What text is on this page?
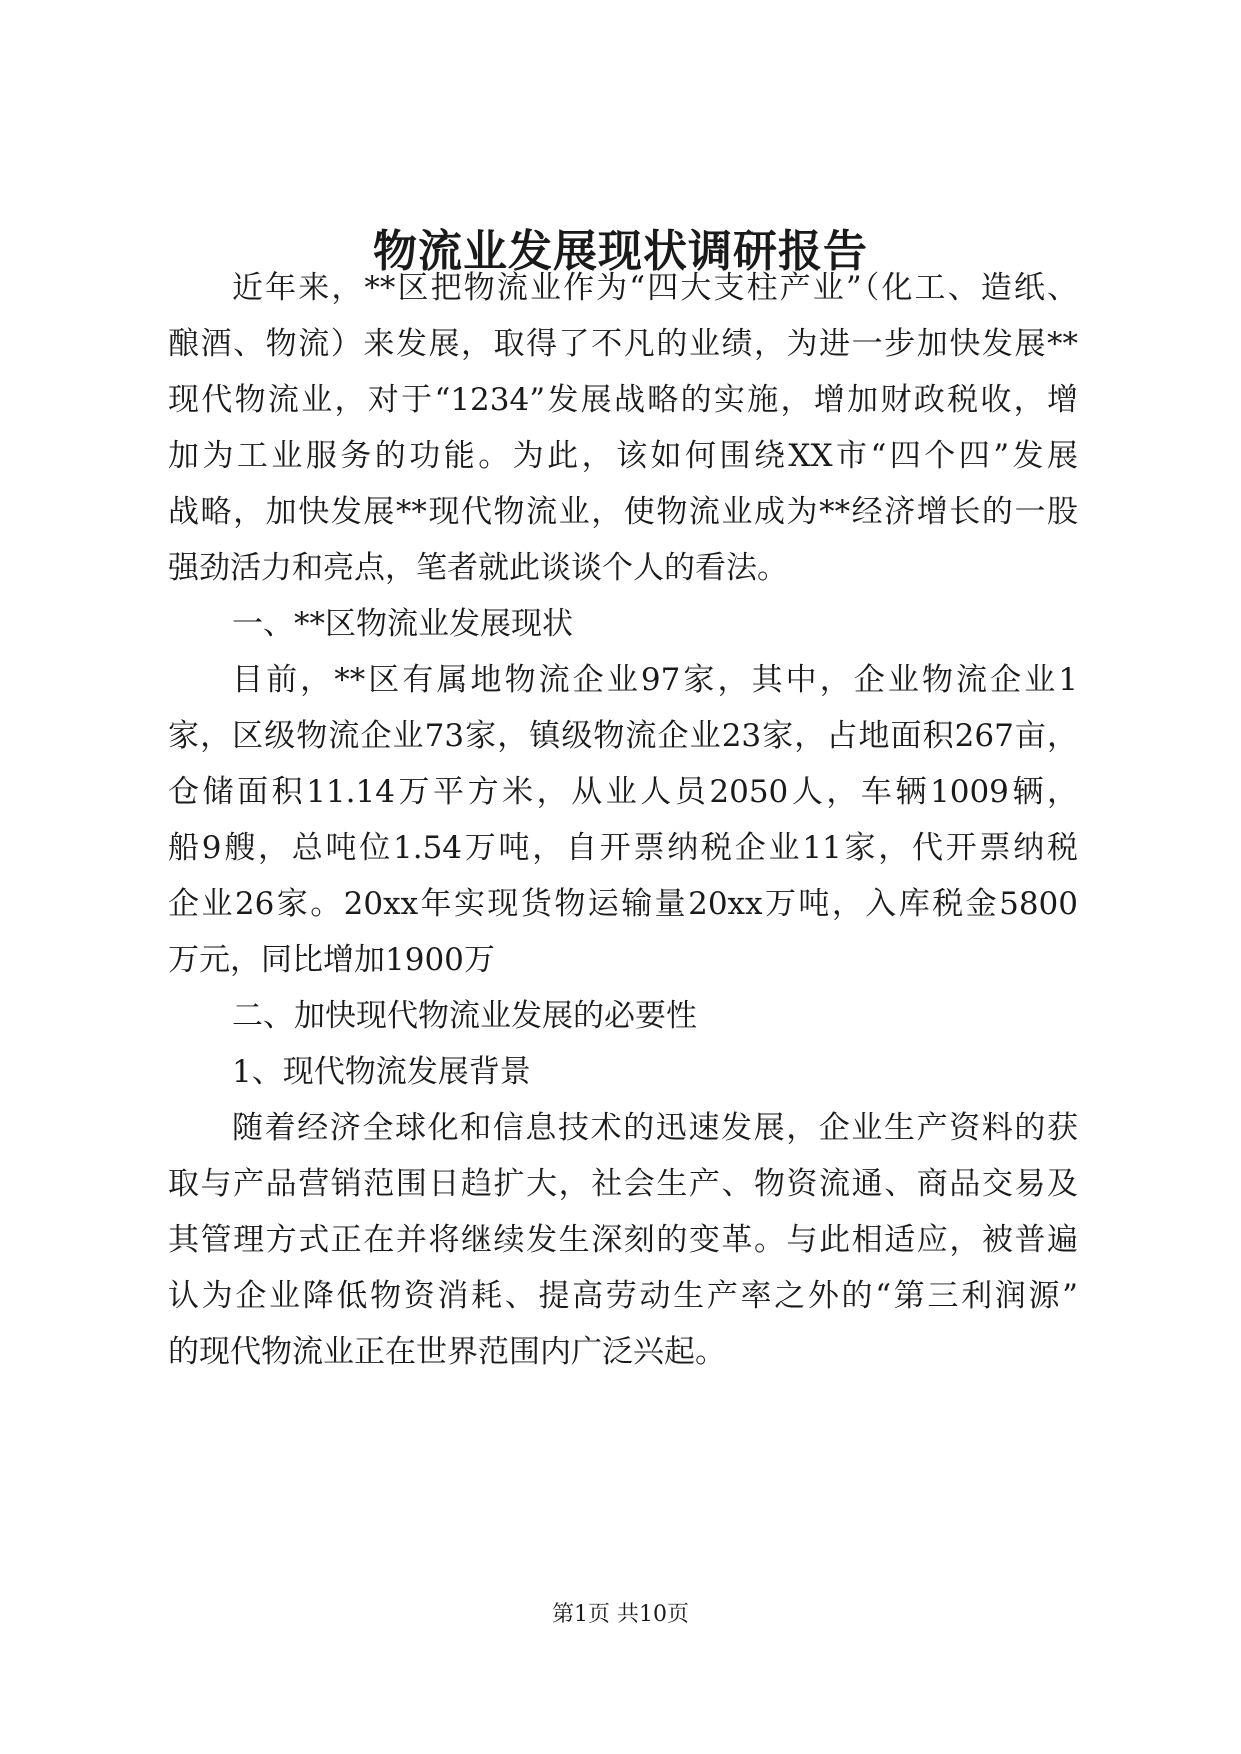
物流业发展现状调研报告

近年来，**区把物流业作为“四大支柱产业”（化工、造纸、

酿酒、物流）来发展，取得了不凡的业绩，为进一步加快发展**

现代物流业，对于“1234”发展战略的实施，增加财政税收，增

加为工业服务的功能。为此，该如何围绕XX市“四个四”发展

战略，加快发展**现代物流业，使物流业成为**经济增长的一股

强劲活力和亮点，笔者就此谈谈个人的看法。

一、**区物流业发展现状

目前，**区有属地物流企业97家，其中，企业物流企业1

家，区级物流企业73家，镇级物流企业23家，占地面积267亩，

仓储面积11.14万平方米，从业人员2050人，车辆1009辆，

船9艘，总吨位1.54万吨，自开票纳税企业11家，代开票纳税

企业26家。20xx年实现货物运输量20xx万吨，入库税金5800

万元，同比增加1900万

二、加快现代物流业发展的必要性

1、现代物流发展背景

随着经济全球化和信息技术的迅速发展，企业生产资料的获

取与产品营销范围日趋扩大，社会生产、物资流通、商品交易及

其管理方式正在并将继续发生深刻的变革。与此相适应，被普遍

认为企业降低物资消耗、提高劳动生产率之外的“第三利润源”

的现代物流业正在世界范围内广泛兴起。

第1页 共10页
